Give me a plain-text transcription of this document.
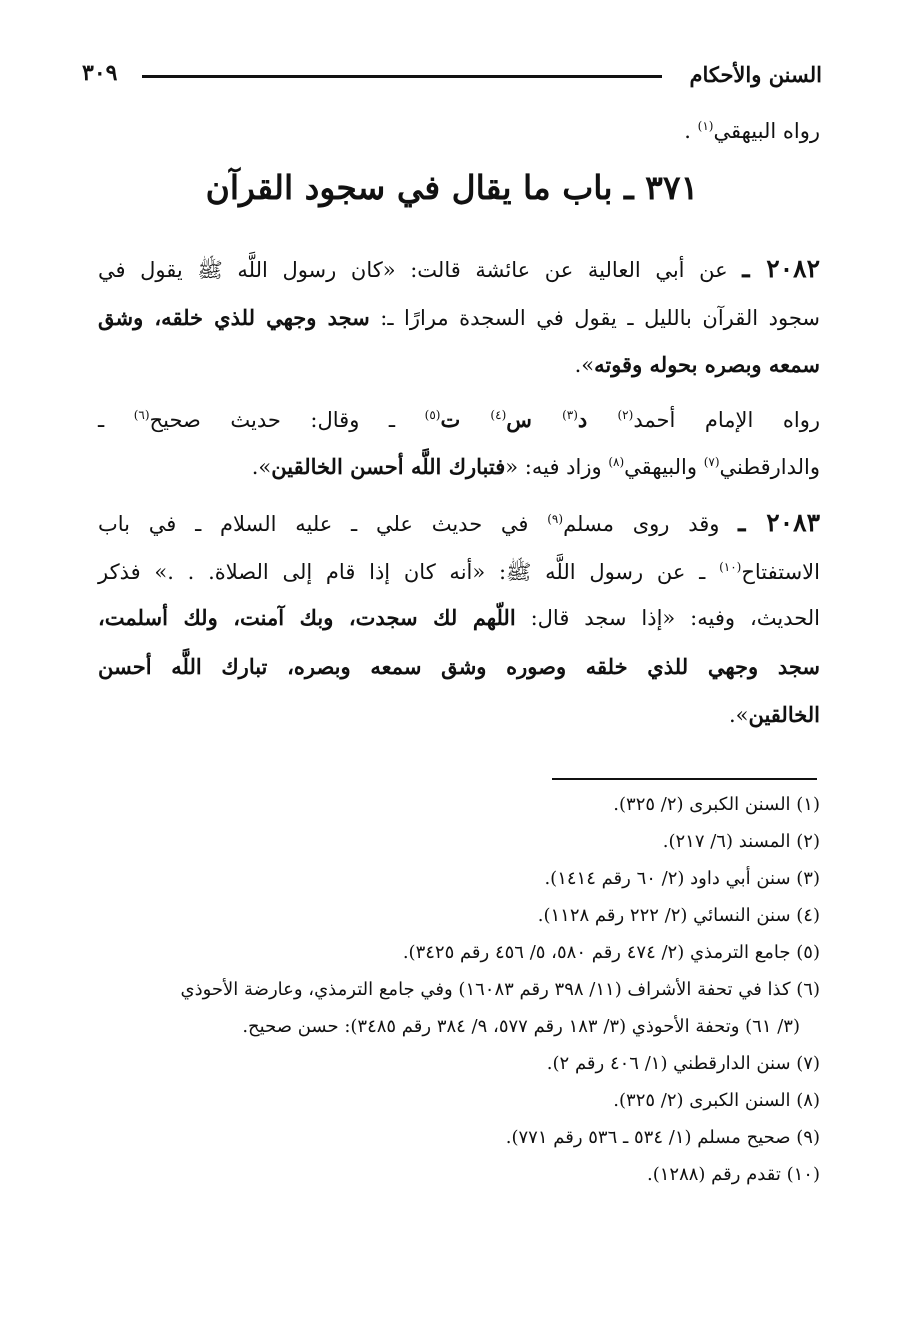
السنن والأحكام
٣٠٩
رواه البيهقي$^{(١)}$ .
٣٧١ ـ باب ما يقال في سجود القرآن
٢٠٨٢ ـ عن أبي العالية عن عائشة قالت: «كان رسول اللَّه ﷺ يقول في
سجود القرآن بالليل ـ يقول في السجدة مرارًا ـ: سجد وجهي للذي خلقه، وشق
سمعه وبصره بحوله وقوته».
رواه الإمام أحمد$^{(٢)}$ د$^{(٣)}$ س$^{(٤)}$ ت$^{(٥)}$ ـ وقال: حديث صحيح$^{(٦)}$ ـ
والدارقطني$^{(٧)}$ والبيهقي$^{(٨)}$ وزاد فيه: «فتبارك اللَّه أحسن الخالقين».
٢٠٨٣ ـ وقد روى مسلم$^{(٩)}$ في حديث علي ـ عليه السلام ـ في باب
الاستفتاح$^{(١٠)}$ ـ عن رسول اللَّه ﷺ: «أنه كان إذا قام إلى الصلاة. . .» فذكر
الحديث، وفيه: «إذا سجد قال: اللّهم لك سجدت، وبك آمنت، ولك أسلمت،
سجد وجهي للذي خلقه وصوره وشق سمعه وبصره، تبارك اللَّه أحسن
الخالقين».
(١) السنن الكبرى (٢/ ٣٢٥).
(٢) المسند (٦/ ٢١٧).
(٣) سنن أبي داود (٢/ ٦٠ رقم ١٤١٤).
(٤) سنن النسائي (٢/ ٢٢٢ رقم ١١٢٨).
(٥) جامع الترمذي (٢/ ٤٧٤ رقم ٥٨٠، ٥/ ٤٥٦ رقم ٣٤٢٥).
(٦) كذا في تحفة الأشراف (١١/ ٣٩٨ رقم ١٦٠٨٣) وفي جامع الترمذي، وعارضة الأحوذي
(٣/ ٦١) وتحفة الأحوذي (٣/ ١٨٣ رقم ٥٧٧، ٩/ ٣٨٤ رقم ٣٤٨٥): حسن صحيح.
(٧) سنن الدارقطني (١/ ٤٠٦ رقم ٢).
(٨) السنن الكبرى (٢/ ٣٢٥).
(٩) صحيح مسلم (١/ ٥٣٤ ـ ٥٣٦ رقم ٧٧١).
(١٠) تقدم رقم (١٢٨٨).
